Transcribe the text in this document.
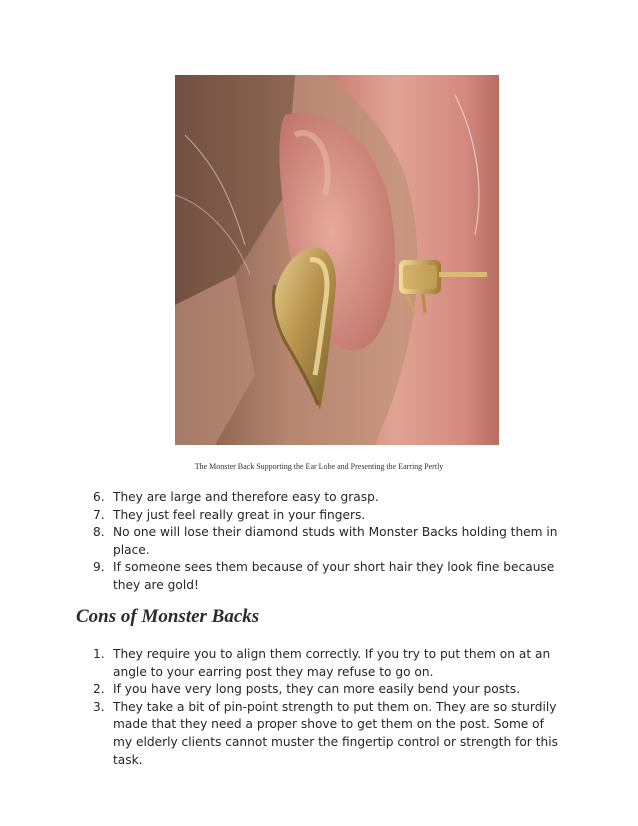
The Monster Back Supporting the Ear Lobe and Presenting the Earring Pertly
6. They are large and therefore easy to grasp.
7. They just feel really great in your fingers.
8. No one will lose their diamond studs with Monster Backs holding them in place.
9. If someone sees them because of your short hair they look fine because they are gold!
Cons of Monster Backs
1. They require you to align them correctly. If you try to put them on at an angle to your earring post they may refuse to go on.
2. If you have very long posts, they can more easily bend your posts.
3. They take a bit of pin-point strength to put them on. They are so sturdily made that they need a proper shove to get them on the post. Some of my elderly clients cannot muster the fingertip control or strength for this task.
